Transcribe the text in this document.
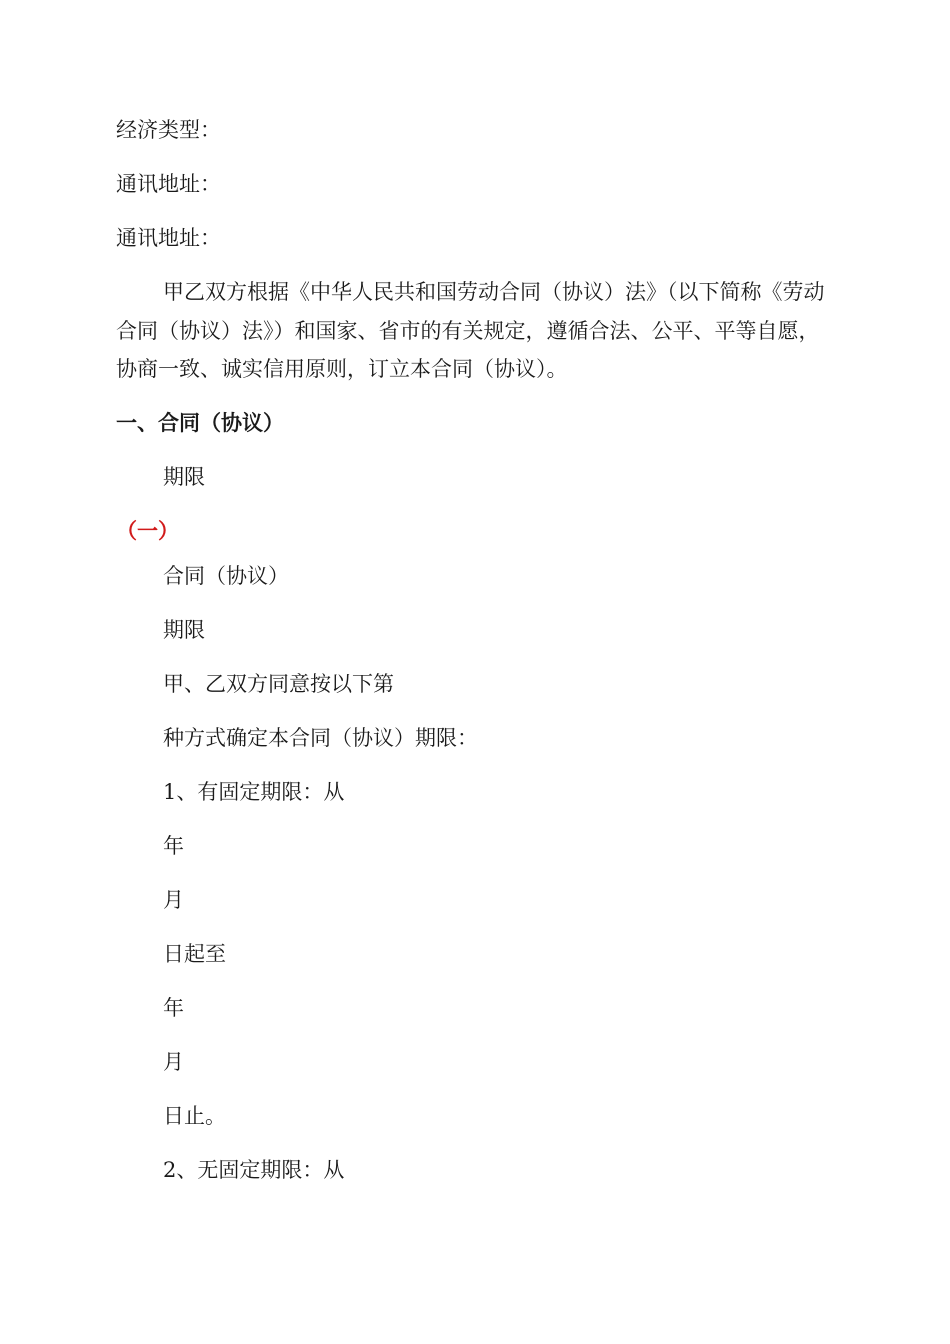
经济类型：
通讯地址：
通讯地址：
甲乙双方根据《中华人民共和国劳动合同（协议）法》（以下简称《劳动合同（协议）法》）和国家、省市的有关规定，遵循合法、公平、平等自愿，协商一致、诚实信用原则，订立本合同（协议）。
一、合同（协议）
期限
（一）
合同（协议）
期限
甲、乙双方同意按以下第
种方式确定本合同（协议）期限：
1、有固定期限：从
年
月
日起至
年
月
日止。
2、无固定期限：从
